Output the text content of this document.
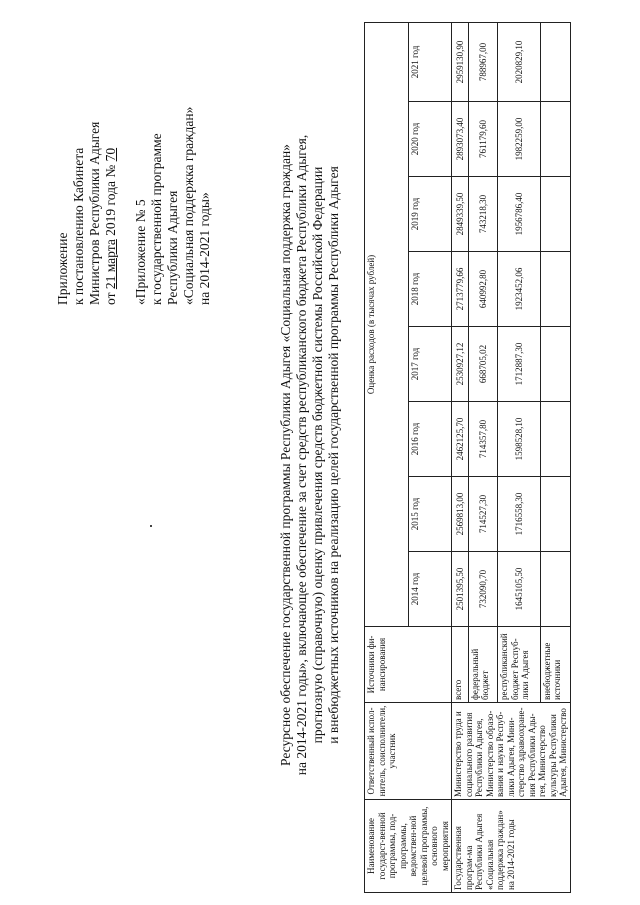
Приложение к постановлению Кабинета Министров Республики Адыгея от 21 марта 2019 года № 70
«Приложение № 5 к государственной программе
Республики Адыгея «Социальная поддержка граждан» на 2014-2021 годы»	Ресурсное обеспечение государственной программы Республики Адыгея «Социальная поддержка граждан» на 2014-2021 годы», включающее обеспечение за счет средств республиканского бюджета Республики Адыгея, прогнозную (справочную) оценку привлечения средств бюджетной системы Российской Федерации и внебюджетных источников на реализацию целей государственной программы Республики Адыгея
Наименование государст-венной программы, под-программы, ведомствен-ной целевой программы, основного мероприятия	Ответственный испол-нитель, соисполнители, участник	Источники фи-нансирования	Оценка расходов (в тысячах рублей)							
			2014 год	2015 год	2016 год	2017 год	2018 год	2019 год	2020 год	2021 год
Государственная програм-ма Республики Адыгея «Социальная поддержка граждан» на 2014-2021 годы	Министерство труда и социального развития Республики Адыгея, Министерство образо-вания и науки Респуб-лики Адыгея, Мини-стерство здравоохране-ния Республики Ады-гея, Министерство культуры Республики Адыгея, Министерство	всего	2501395,50	2569813,00	2462125,70	2530927,12	2713779,66	2849339,50	2893073,40	2959130,90
		федеральный бюджет	732090,70	714527,30	714357,80	668705,02	640992,80	743218,30	761179,60	788967,00
		республиканский бюджет Респуб-лики Адыгея	1645105,50	1716558,30	1598528,10	1712887,30	1923452,06	1956786,40	1982259,00	2020829,10
		внебюджетные источники								
